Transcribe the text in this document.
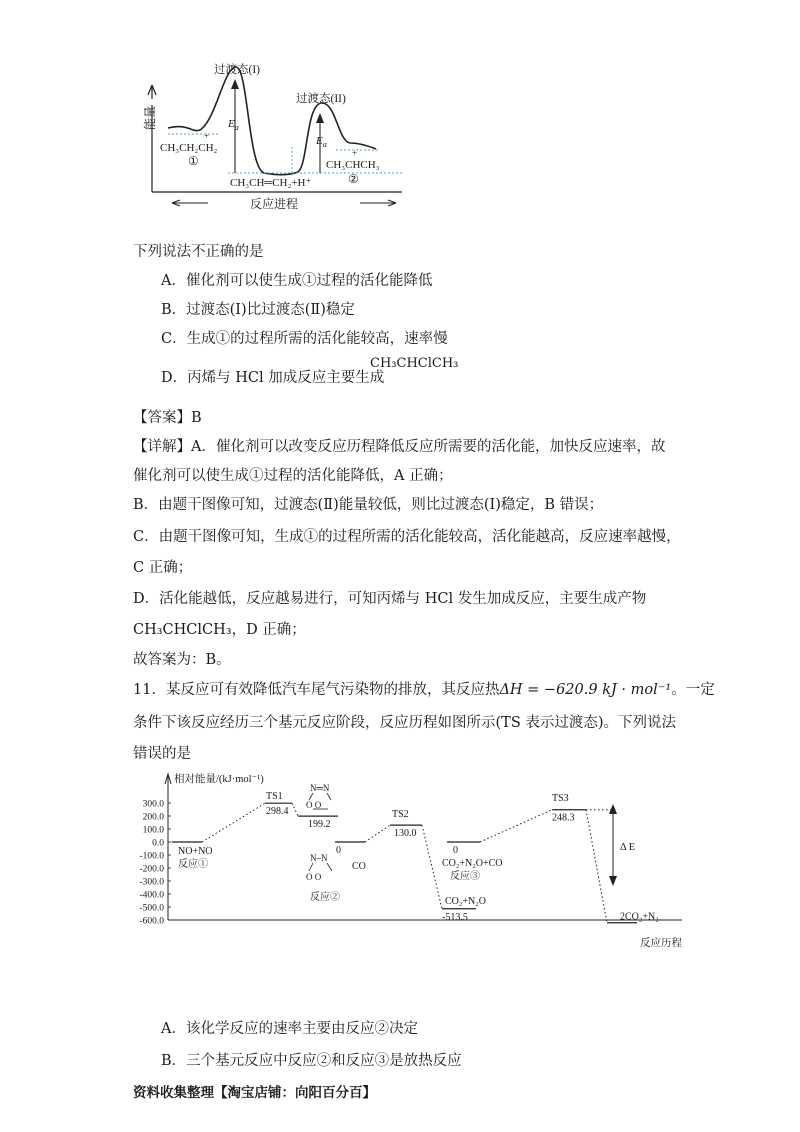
过渡态(I)
过渡态(II)
$E_a$
$E_a$
+
CH₃CH₂CH₂
①
CH₃CH═CH₂+H⁺
+
CH₃CHCH₃
②
反应进程
能量
下列说法不正确的是
A．催化剂可以使生成①过程的活化能降低
B．过渡态(Ⅰ)比过渡态(Ⅱ)稳定
C．生成①的过程所需的活化能较高，速率慢
D．丙烯与 HCl 加成反应主要生成
CH₃CHClCH₃
【答案】B
【详解】A．催化剂可以改变反应历程降低反应所需要的活化能，加快反应速率，故
催化剂可以使生成①过程的活化能降低，A 正确；
B．由题干图像可知，过渡态(Ⅱ)能量较低，则比过渡态(Ⅰ)稳定，B 错误；
C．由题干图像可知，生成①的过程所需的活化能较高，活化能越高，反应速率越慢，
C 正确；
D．活化能越低，反应越易进行，可知丙烯与 HCl 发生加成反应，主要生成产物
CH₃CHClCH₃，D 正确；
故答案为：B。
11．某反应可有效降低汽车尾气污染物的排放，其反应热ΔH = −620.9 kJ · mol⁻¹。一定
条件下该反应经历三个基元反应阶段，反应历程如图所示(TS 表示过渡态)。下列说法
错误的是
相对能量/(kJ·mol⁻¹)
反应历程
300.0
200.0
100.0
0.0
-100.0
-200.0
-300.0
-400.0
-500.0
-600.0
TS1
298.4
199.2
TS2
130.0
0
-513.5
0
TS3
248.3
NO+NO
反应①	CO
反应②
CO₂+N₂O+CO
反应③
CO₂+N₂O
2CO₂+N₂
Δ E
N═N
O O
N–N
O O
A．该化学反应的速率主要由反应②决定
B．三个基元反应中反应②和反应③是放热反应
资料收集整理【淘宝店铺：向阳百分百】
